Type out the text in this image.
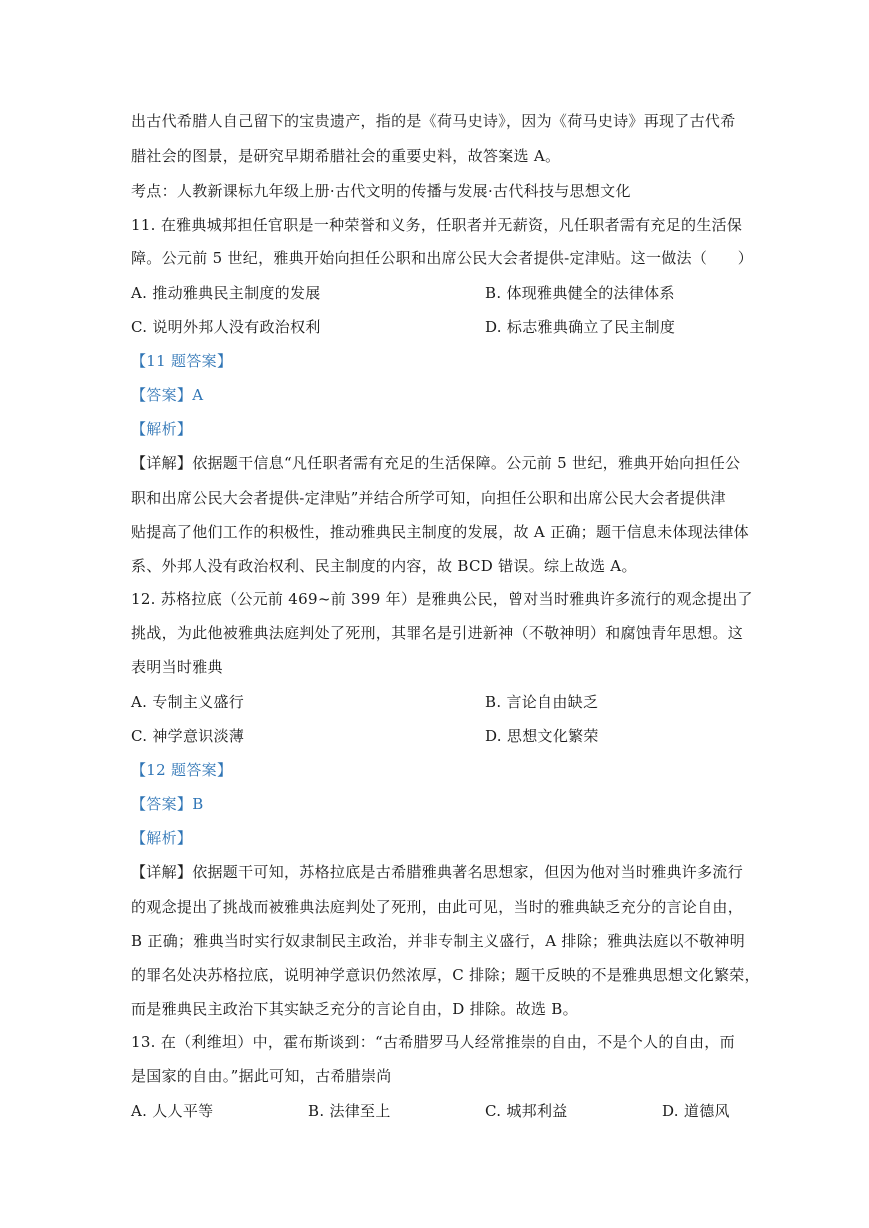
出古代希腊人自己留下的宝贵遗产，指的是《荷马史诗》，因为《荷马史诗》再现了古代希
腊社会的图景，是研究早期希腊社会的重要史料，故答案选 A。
考点：人教新课标九年级上册·古代文明的传播与发展·古代科技与思想文化
11. 在雅典城邦担任官职是一种荣誉和义务，任职者并无薪资，凡任职者需有充足的生活保
障。公元前 5 世纪，雅典开始向担任公职和出席公民大会者提供-定津贴。这一做法（　　）
A. 推动雅典民主制度的发展	B. 体现雅典健全的法律体系
C. 说明外邦人没有政治权利	D. 标志雅典确立了民主制度
【11 题答案】
【答案】A
【解析】
【详解】依据题干信息“凡任职者需有充足的生活保障。公元前 5 世纪，雅典开始向担任公
职和出席公民大会者提供-定津贴”并结合所学可知，向担任公职和出席公民大会者提供津
贴提高了他们工作的积极性，推动雅典民主制度的发展，故 A 正确；题干信息未体现法律体
系、外邦人没有政治权利、民主制度的内容，故 BCD 错误。综上故选 A。
12. 苏格拉底（公元前 469~前 399 年）是雅典公民，曾对当时雅典许多流行的观念提出了
挑战，为此他被雅典法庭判处了死刑，其罪名是引进新神（不敬神明）和腐蚀青年思想。这
表明当时雅典
A. 专制主义盛行	B. 言论自由缺乏
C. 神学意识淡薄	D. 思想文化繁荣
【12 题答案】
【答案】B
【解析】
【详解】依据题干可知，苏格拉底是古希腊雅典著名思想家，但因为他对当时雅典许多流行
的观念提出了挑战而被雅典法庭判处了死刑，由此可见，当时的雅典缺乏充分的言论自由，
B 正确；雅典当时实行奴隶制民主政治，并非专制主义盛行，A 排除；雅典法庭以不敬神明
的罪名处决苏格拉底，说明神学意识仍然浓厚，C 排除；题干反映的不是雅典思想文化繁荣，
而是雅典民主政治下其实缺乏充分的言论自由，D 排除。故选 B。
13. 在（利维坦）中，霍布斯谈到：“古希腊罗马人经常推崇的自由，不是个人的自由，而
是国家的自由。”据此可知，古希腊崇尚
A. 人人平等	B. 法律至上	C. 城邦利益	D. 道德风
